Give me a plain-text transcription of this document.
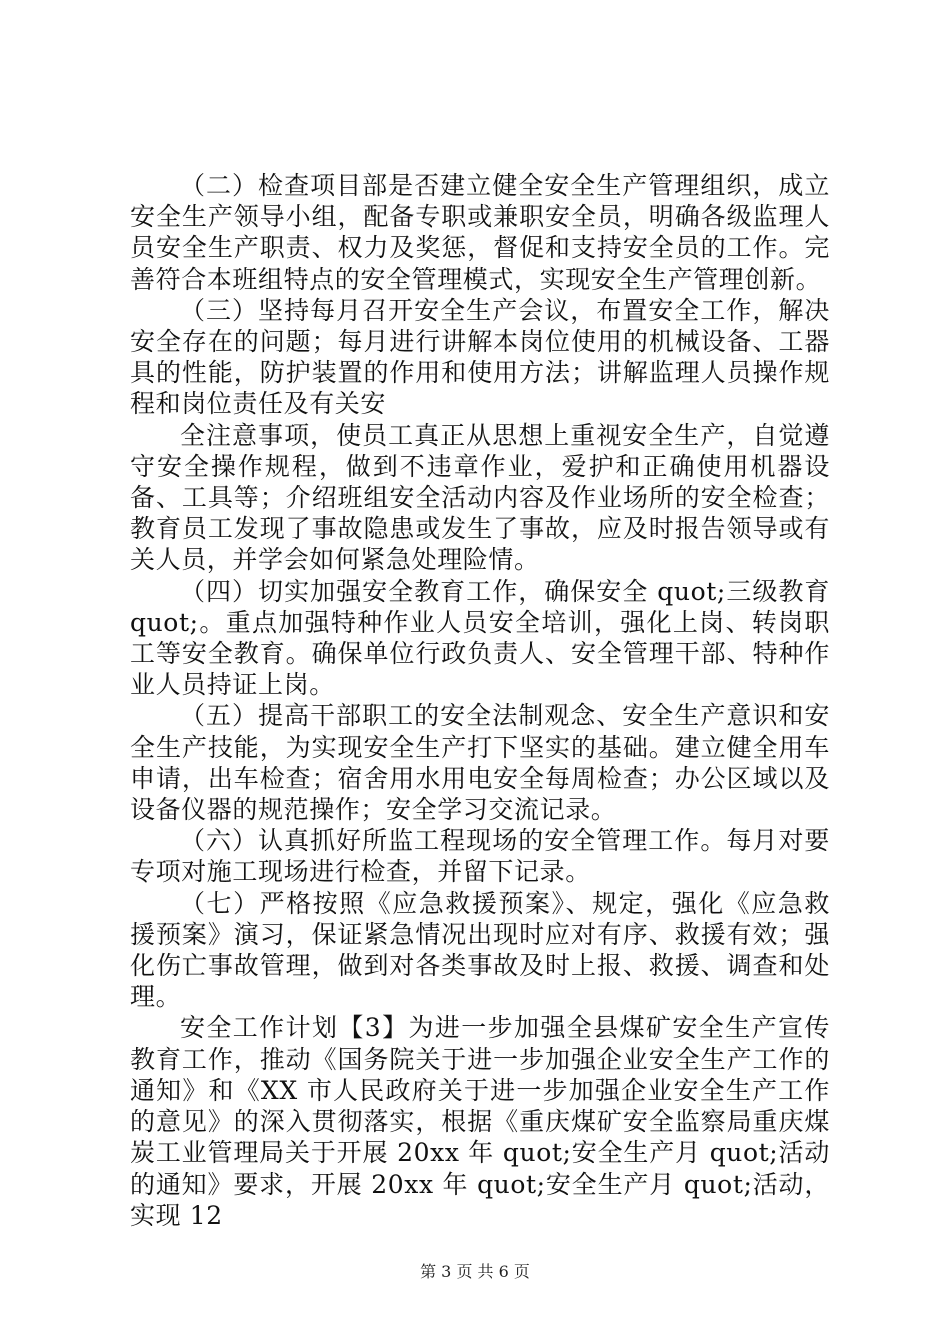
（二）检查项目部是否建立健全安全生产管理组织，成立安全生产领导小组，配备专职或兼职安全员，明确各级监理人员安全生产职责、权力及奖惩，督促和支持安全员的工作。完善符合本班组特点的安全管理模式，实现安全生产管理创新。

（三）坚持每月召开安全生产会议，布置安全工作，解决安全存在的问题；每月进行讲解本岗位使用的机械设备、工器具的性能，防护装置的作用和使用方法；讲解监理人员操作规程和岗位责任及有关安

全注意事项，使员工真正从思想上重视安全生产，自觉遵守安全操作规程，做到不违章作业，爱护和正确使用机器设备、工具等；介绍班组安全活动内容及作业场所的安全检查；教育员工发现了事故隐患或发生了事故，应及时报告领导或有关人员，并学会如何紧急处理险情。

（四）切实加强安全教育工作，确保安全 quot;三级教育 quot;。重点加强特种作业人员安全培训，强化上岗、转岗职工等安全教育。确保单位行政负责人、安全管理干部、特种作业人员持证上岗。

（五）提高干部职工的安全法制观念、安全生产意识和安全生产技能，为实现安全生产打下坚实的基础。建立健全用车申请，出车检查；宿舍用水用电安全每周检查；办公区域以及设备仪器的规范操作；安全学习交流记录。

（六）认真抓好所监工程现场的安全管理工作。每月对要专项对施工现场进行检查，并留下记录。

（七）严格按照《应急救援预案》、规定，强化《应急救援预案》演习，保证紧急情况出现时应对有序、救援有效；强化伤亡事故管理，做到对各类事故及时上报、救援、调查和处理。

安全工作计划【3】为进一步加强全县煤矿安全生产宣传教育工作，推动《国务院关于进一步加强企业安全生产工作的通知》和《XX 市人民政府关于进一步加强企业安全生产工作的意见》的深入贯彻落实，根据《重庆煤矿安全监察局重庆煤炭工业管理局关于开展 20xx 年 quot;安全生产月 quot;活动的通知》要求，开展 20xx 年 quot;安全生产月 quot;活动，实现 12

第 3 页 共 6 页
